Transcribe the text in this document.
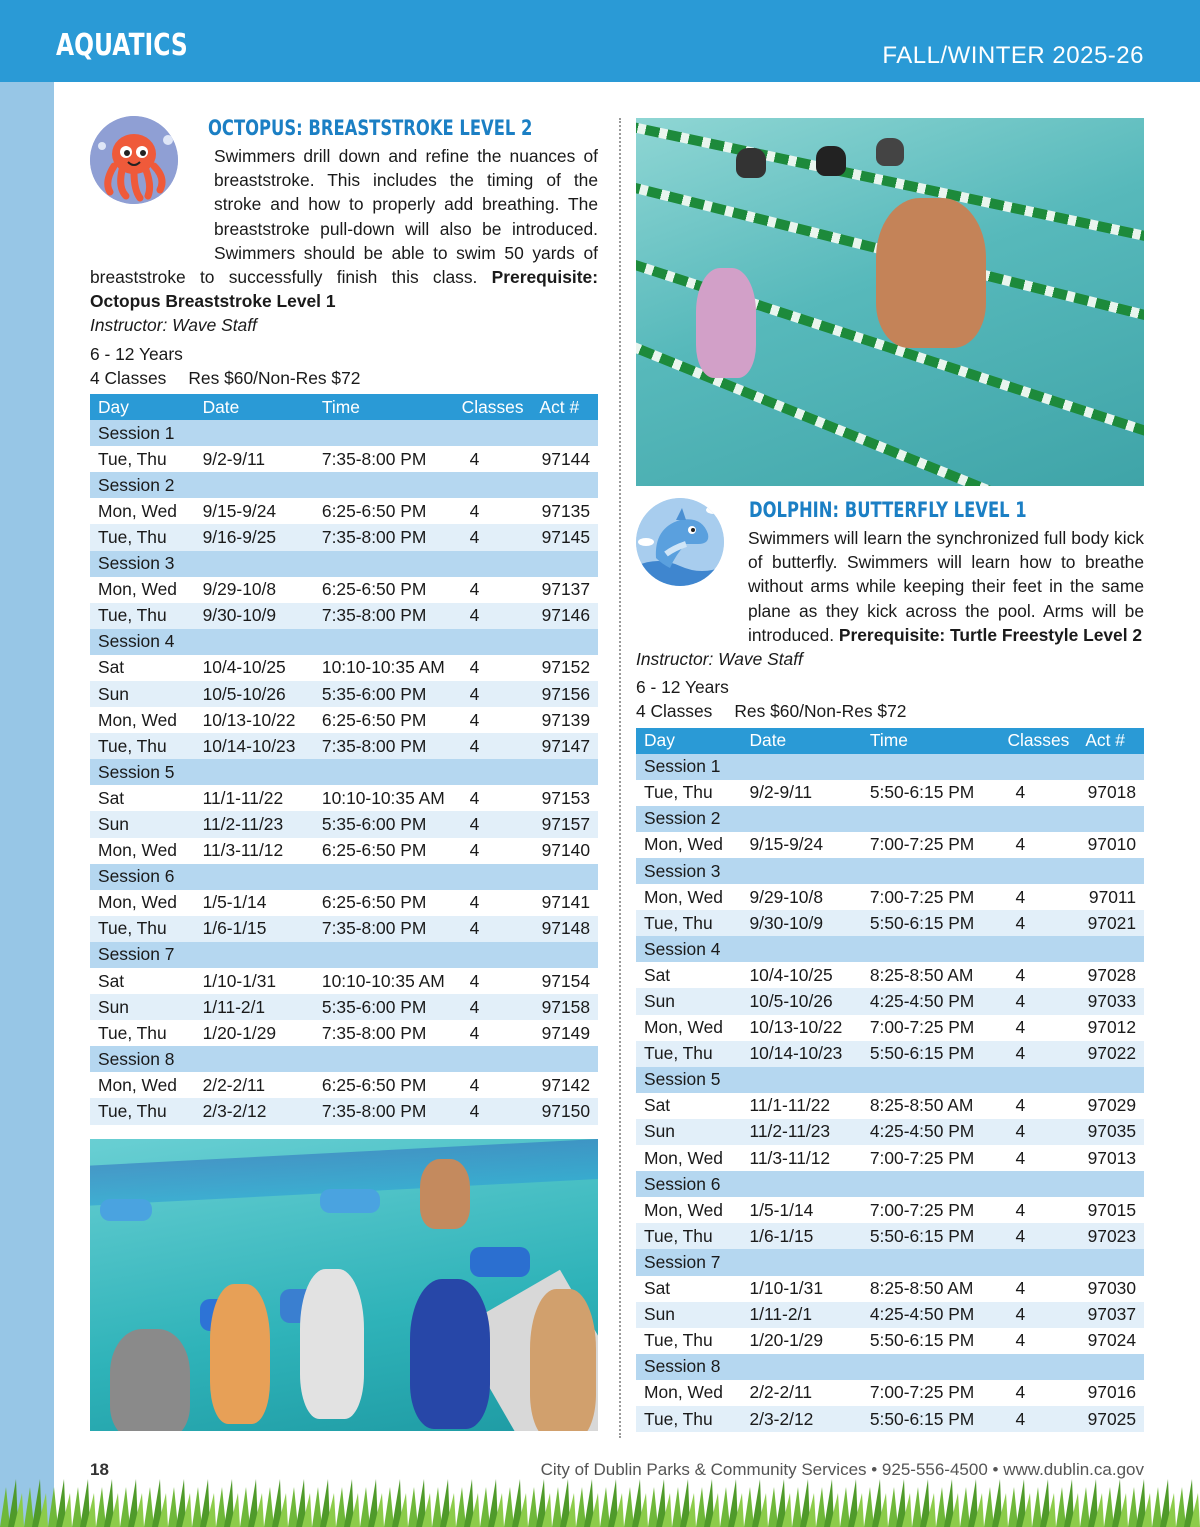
AQUATICS	FALL/WINTER 2025-26
OCTOPUS: BREASTSTROKE LEVEL 2
Swimmers drill down and refine the nuances of breaststroke. This includes the timing of the stroke and how to properly add breathing. The breaststroke pull-down will also be introduced. Swimmers should be able to swim 50 yards of breaststroke to successfully finish this class. Prerequisite: Octopus Breaststroke Level 1
Instructor: Wave Staff
6 - 12 Years
4 Classes Res $60/Non-Res $72
Day	Date	Time	Classes	Act #
Session 1				
Tue, Thu	9/2-9/11	7:35-8:00 PM	4	97144
Session 2				
Mon, Wed	9/15-9/24	6:25-6:50 PM	4	97135
Tue, Thu	9/16-9/25	7:35-8:00 PM	4	97145
Session 3				
Mon, Wed	9/29-10/8	6:25-6:50 PM	4	97137
Tue, Thu	9/30-10/9	7:35-8:00 PM	4	97146
Session 4				
Sat	10/4-10/25	10:10-10:35 AM	4	97152
Sun	10/5-10/26	5:35-6:00 PM	4	97156
Mon, Wed	10/13-10/22	6:25-6:50 PM	4	97139
Tue, Thu	10/14-10/23	7:35-8:00 PM	4	97147
Session 5				
Sat	11/1-11/22	10:10-10:35 AM	4	97153
Sun	11/2-11/23	5:35-6:00 PM	4	97157
Mon, Wed	11/3-11/12	6:25-6:50 PM	4	97140
Session 6				
Mon, Wed	1/5-1/14	6:25-6:50 PM	4	97141
Tue, Thu	1/6-1/15	7:35-8:00 PM	4	97148
Session 7				
Sat	1/10-1/31	10:10-10:35 AM	4	97154
Sun	1/11-2/1	5:35-6:00 PM	4	97158
Tue, Thu	1/20-1/29	7:35-8:00 PM	4	97149
Session 8				
Mon, Wed	2/2-2/11	6:25-6:50 PM	4	97142
Tue, Thu	2/3-2/12	7:35-8:00 PM	4	97150
DOLPHIN: BUTTERFLY LEVEL 1
Swimmers will learn the synchronized full body kick of butterfly. Swimmers will learn how to breathe without arms while keeping their feet in the same plane as they kick across the pool. Arms will be introduced. Prerequisite: Turtle Freestyle Level 2
Instructor: Wave Staff
6 - 12 Years
4 Classes Res $60/Non-Res $72
Day	Date	Time	Classes	Act #
Session 1				
Tue, Thu	9/2-9/11	5:50-6:15 PM	4	97018
Session 2				
Mon, Wed	9/15-9/24	7:00-7:25 PM	4	97010
Session 3				
Mon, Wed	9/29-10/8	7:00-7:25 PM	4	97011
Tue, Thu	9/30-10/9	5:50-6:15 PM	4	97021
Session 4				
Sat	10/4-10/25	8:25-8:50 AM	4	97028
Sun	10/5-10/26	4:25-4:50 PM	4	97033
Mon, Wed	10/13-10/22	7:00-7:25 PM	4	97012
Tue, Thu	10/14-10/23	5:50-6:15 PM	4	97022
Session 5				
Sat	11/1-11/22	8:25-8:50 AM	4	97029
Sun	11/2-11/23	4:25-4:50 PM	4	97035
Mon, Wed	11/3-11/12	7:00-7:25 PM	4	97013
Session 6				
Mon, Wed	1/5-1/14	7:00-7:25 PM	4	97015
Tue, Thu	1/6-1/15	5:50-6:15 PM	4	97023
Session 7				
Sat	1/10-1/31	8:25-8:50 AM	4	97030
Sun	1/11-2/1	4:25-4:50 PM	4	97037
Tue, Thu	1/20-1/29	5:50-6:15 PM	4	97024
Session 8				
Mon, Wed	2/2-2/11	7:00-7:25 PM	4	97016
Tue, Thu	2/3-2/12	5:50-6:15 PM	4	97025
18	City of Dublin Parks & Community Services • 925-556-4500 • www.dublin.ca.gov
